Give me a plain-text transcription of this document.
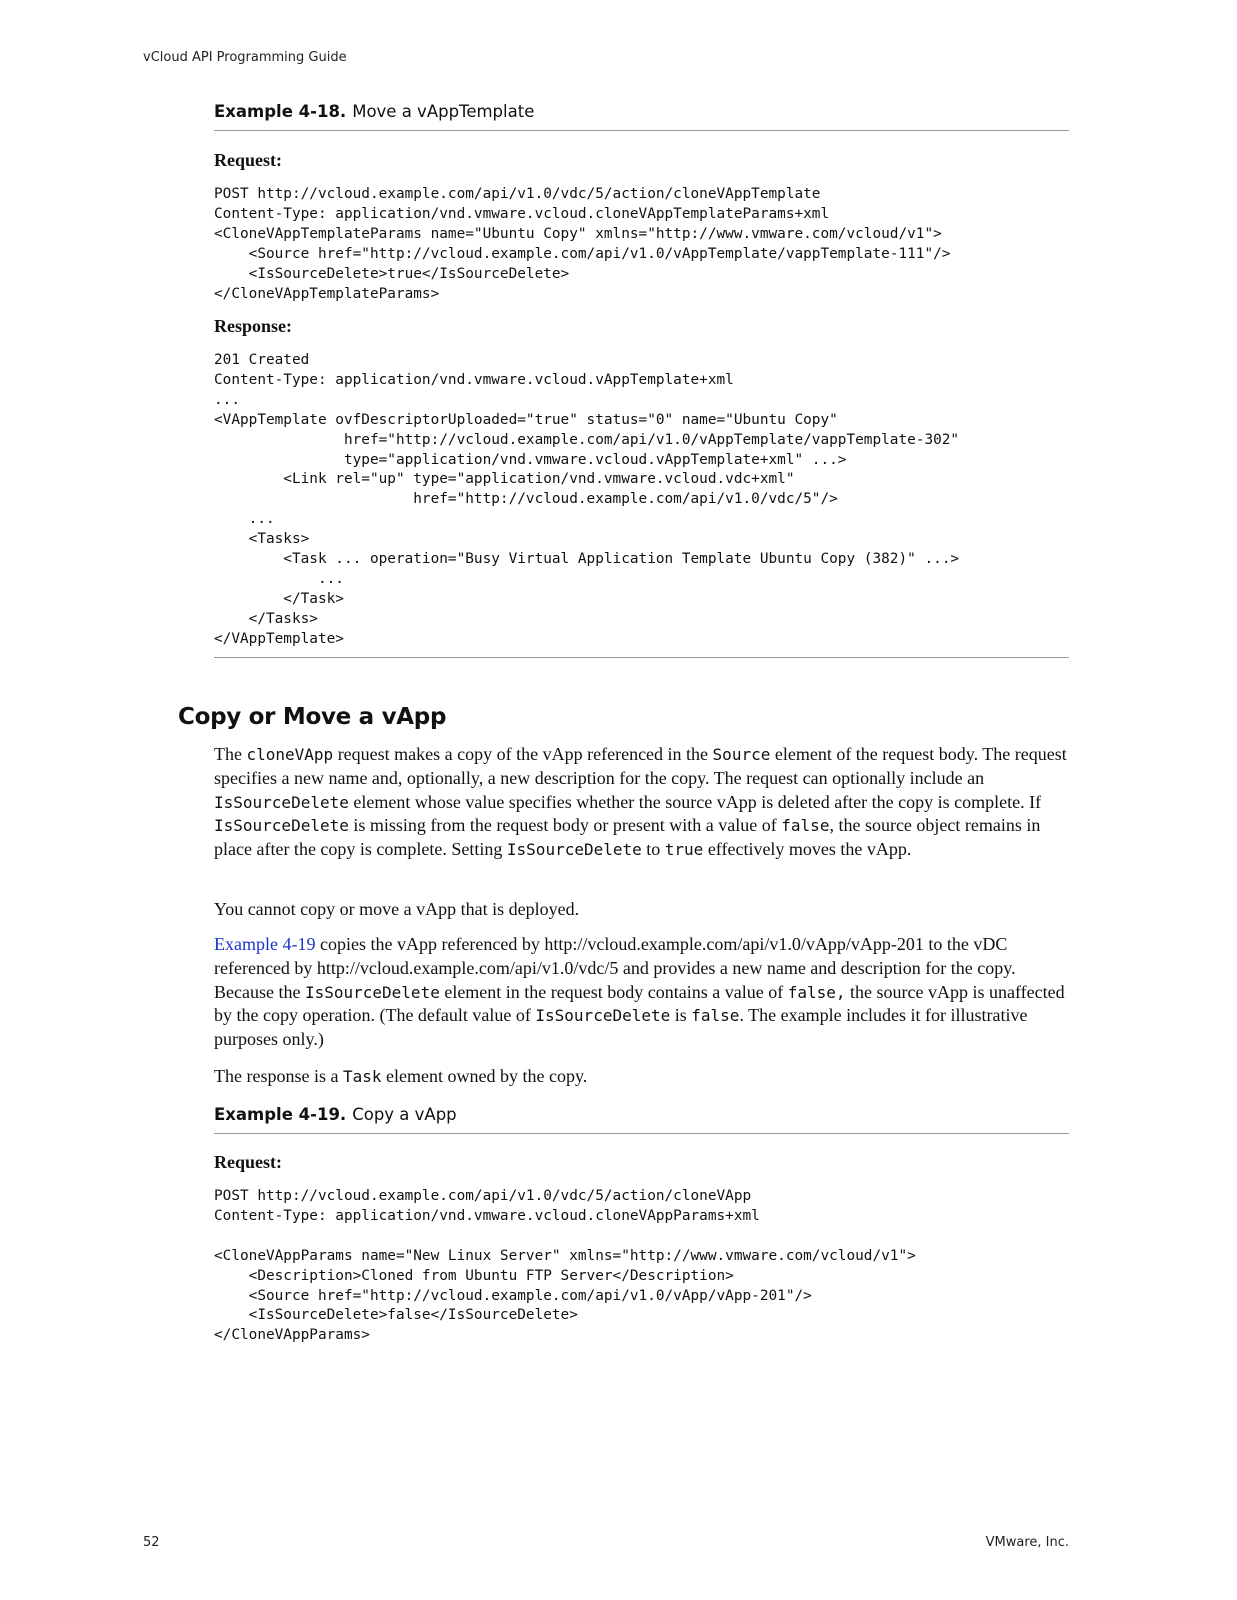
vCloud API Programming Guide
Example 4-18. Move a vAppTemplate
Request:
POST http://vcloud.example.com/api/v1.0/vdc/5/action/cloneVAppTemplate
Content-Type: application/vnd.vmware.vcloud.cloneVAppTemplateParams+xml
<CloneVAppTemplateParams name="Ubuntu Copy" xmlns="http://www.vmware.com/vcloud/v1">
<Source href="http://vcloud.example.com/api/v1.0/vAppTemplate/vappTemplate-111"/>
<IsSourceDelete>true</IsSourceDelete>
</CloneVAppTemplateParams>
Response:
201 Created
Content-Type: application/vnd.vmware.vcloud.vAppTemplate+xml
...
<VAppTemplate ovfDescriptorUploaded="true" status="0" name="Ubuntu Copy"
href="http://vcloud.example.com/api/v1.0/vAppTemplate/vappTemplate-302"
type="application/vnd.vmware.vcloud.vAppTemplate+xml" ...>
<Link rel="up" type="application/vnd.vmware.vcloud.vdc+xml"
href="http://vcloud.example.com/api/v1.0/vdc/5"/>
...
<Tasks>
<Task ... operation="Busy Virtual Application Template Ubuntu Copy (382)" ...>
...
</Task>
</Tasks>
</VAppTemplate>
Copy or Move a vApp

The cloneVApp request makes a copy of the vApp referenced in the Source element of the request body. The request specifies a new name and, optionally, a new description for the copy. The request can optionally include an IsSourceDelete element whose value specifies whether the source vApp is deleted after the copy is complete. If IsSourceDelete is missing from the request body or present with a value of false, the source object remains in place after the copy is complete. Setting IsSourceDelete to true effectively moves the vApp.

You cannot copy or move a vApp that is deployed.

Example 4-19 copies the vApp referenced by http://vcloud.example.com/api/v1.0/vApp/vApp-201 to the vDC referenced by http://vcloud.example.com/api/v1.0/vdc/5 and provides a new name and description for the copy. Because the IsSourceDelete element in the request body contains a value of false, the source vApp is unaffected by the copy operation. (The default value of IsSourceDelete is false. The example includes it for illustrative purposes only.)

The response is a Task element owned by the copy.

Example 4-19. Copy a vApp
Request:
POST http://vcloud.example.com/api/v1.0/vdc/5/action/cloneVApp
Content-Type: application/vnd.vmware.vcloud.cloneVAppParams+xml

<CloneVAppParams name="New Linux Server" xmlns="http://www.vmware.com/vcloud/v1">
<Description>Cloned from Ubuntu FTP Server</Description>
<Source href="http://vcloud.example.com/api/v1.0/vApp/vApp-201"/>
<IsSourceDelete>false</IsSourceDelete>
</CloneVAppParams>
52	VMware, Inc.
